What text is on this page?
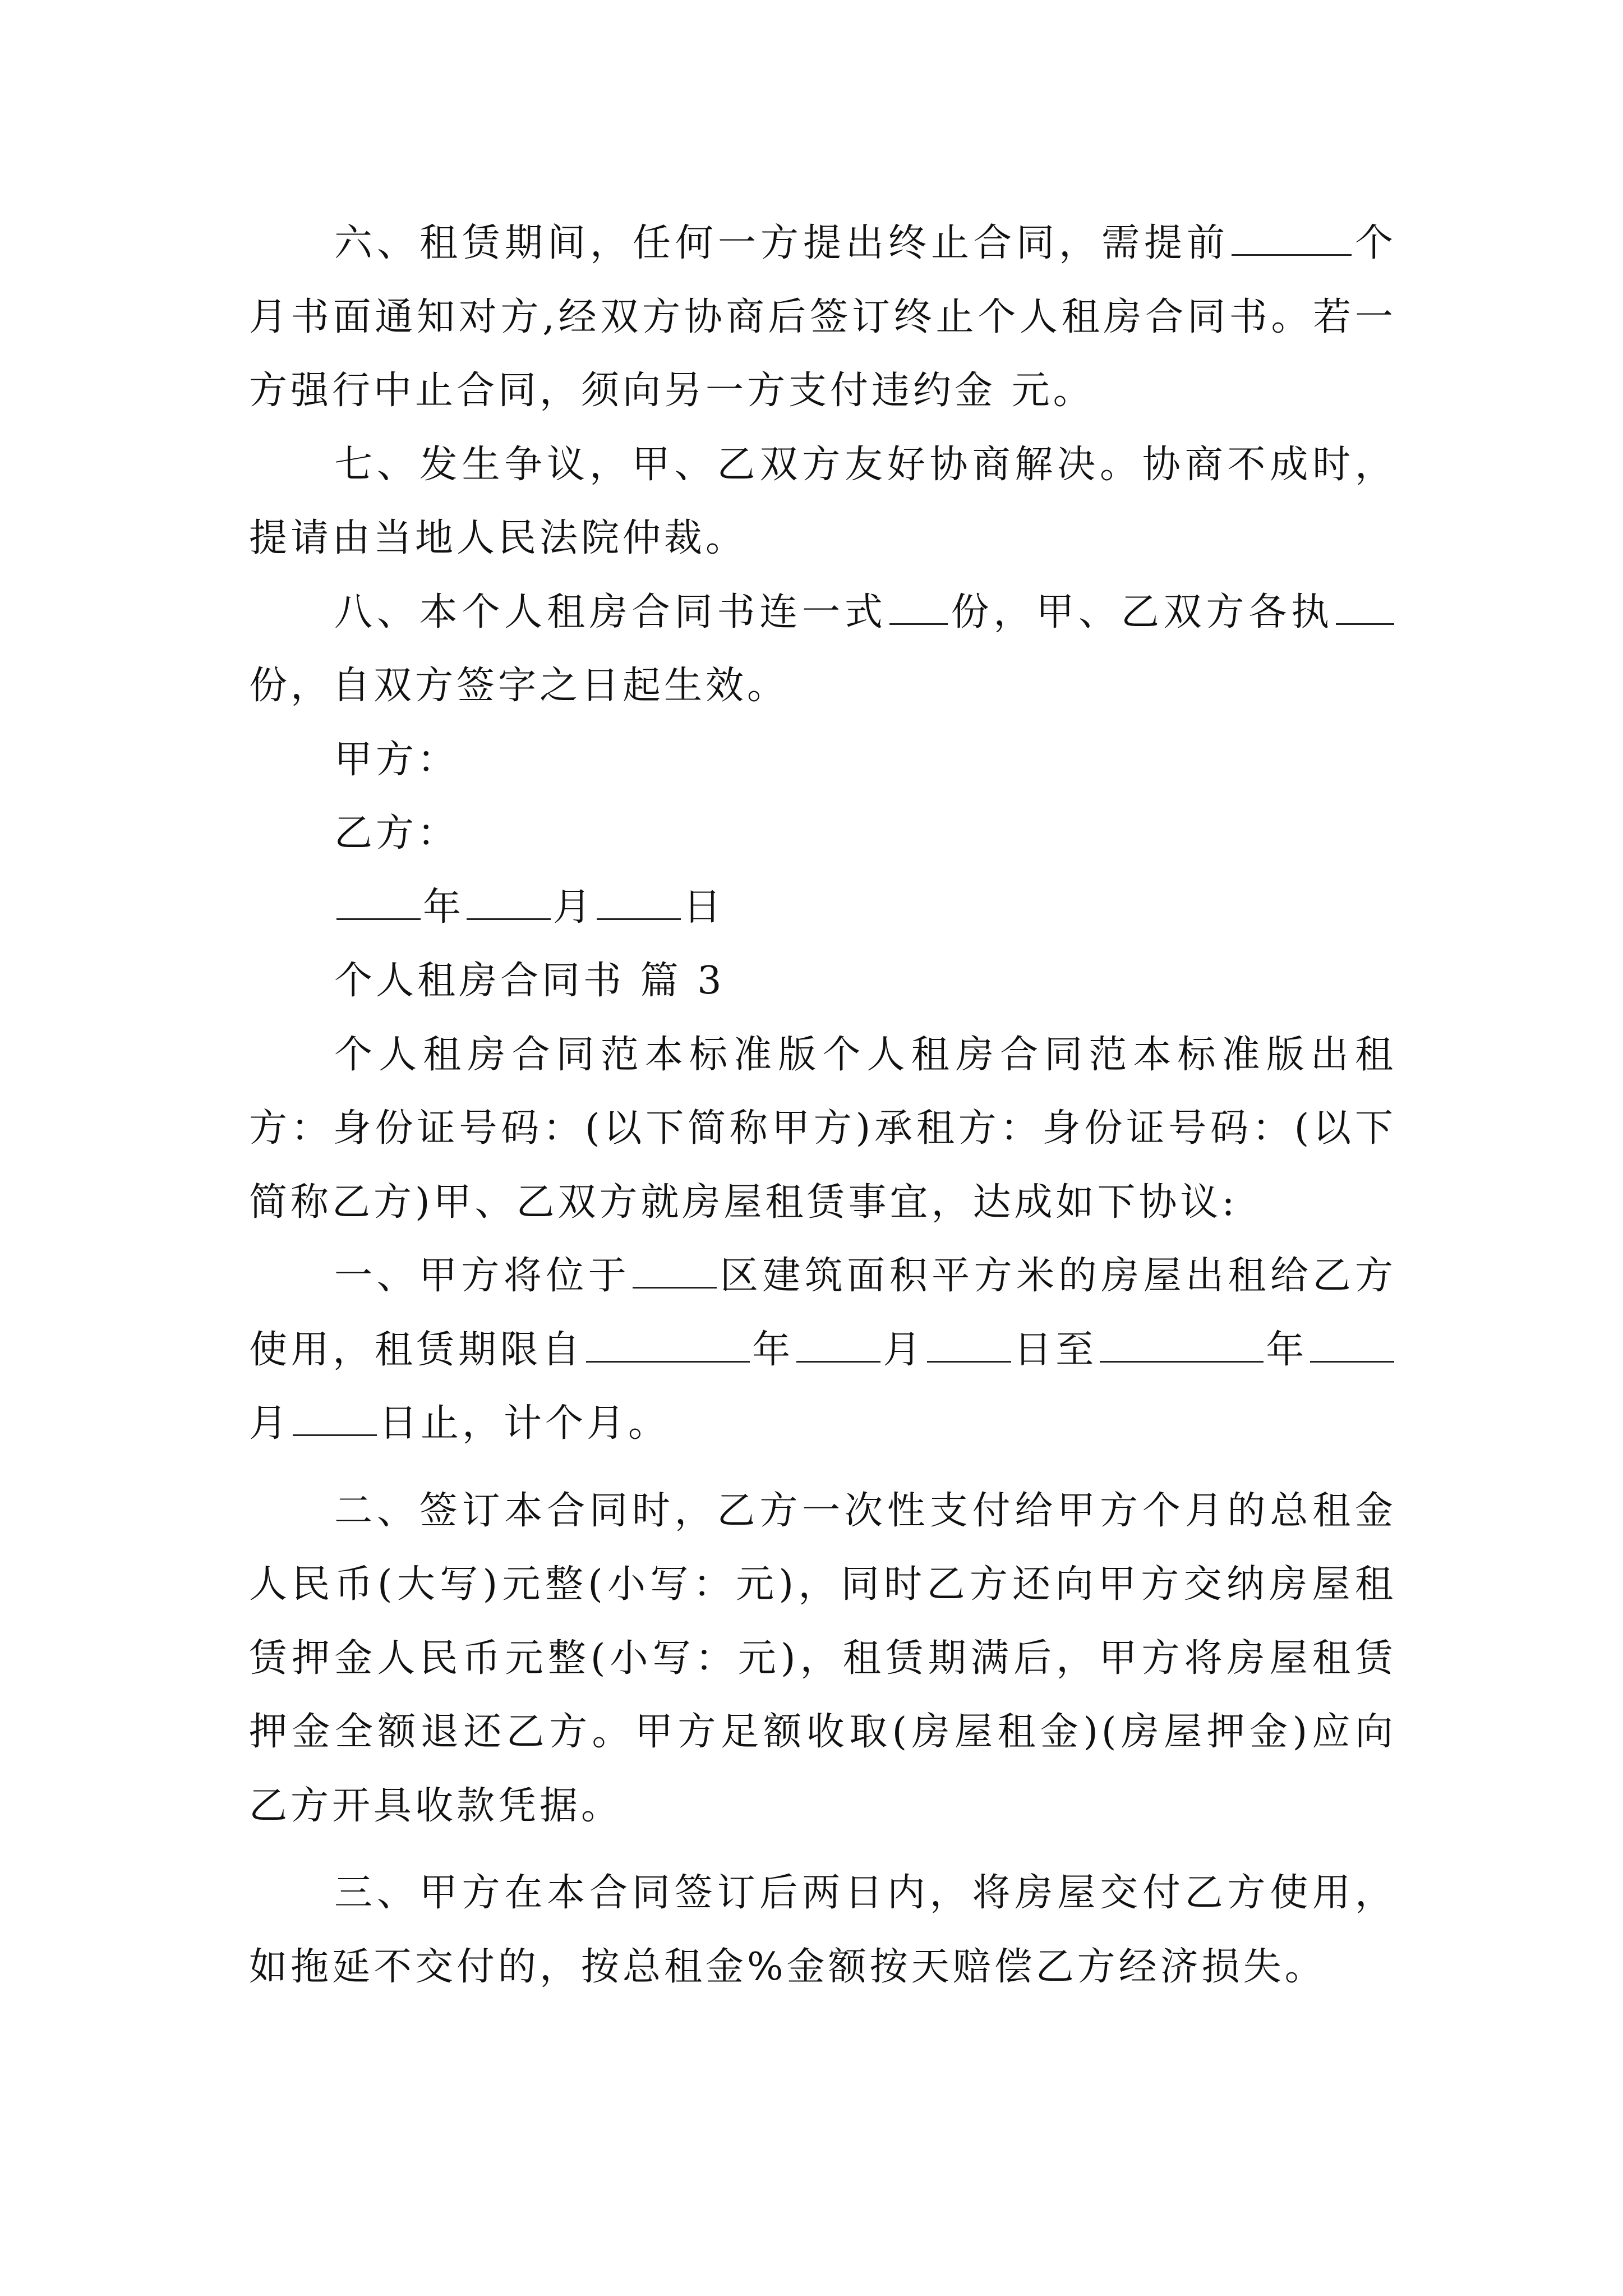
六、租赁期间，任何一方提出终止合同，需提前	个月书面通知对方,经双方协商后签订终止个人租房合同书。若一方强行中止合同，须向另一方支付违约金 元。

七、发生争议，甲、乙双方友好协商解决。协商不成时，提请由当地人民法院仲裁。

八、本个人租房合同书连一式 份，甲、乙双方各执份，自双方签字之日起生效。

甲方：

乙方：

年 月 日

个人租房合同书 篇 3

个人租房合同范本标准版个人租房合同范本标准版出租方：身份证号码：(以下简称甲方)承租方：身份证号码：(以下简称乙方)甲、乙双方就房屋租赁事宜，达成如下协议:

一、甲方将位于 区建筑面积平方米的房屋出租给乙方使用，租赁期限自	年 月 日至	年月 日止，计个月。

二、签订本合同时，乙方一次性支付给甲方个月的总租金人民币(大写)元整(小写：元)，同时乙方还向甲方交纳房屋租赁押金人民币元整(小写：元)，租赁期满后，甲方将房屋租赁押金全额退还乙方。甲方足额收取(房屋租金)(房屋押金)应向乙方开具收款凭据。

三、甲方在本合同签订后两日内，将房屋交付乙方使用，如拖延不交付的，按总租金%金额按天赔偿乙方经济损失。
